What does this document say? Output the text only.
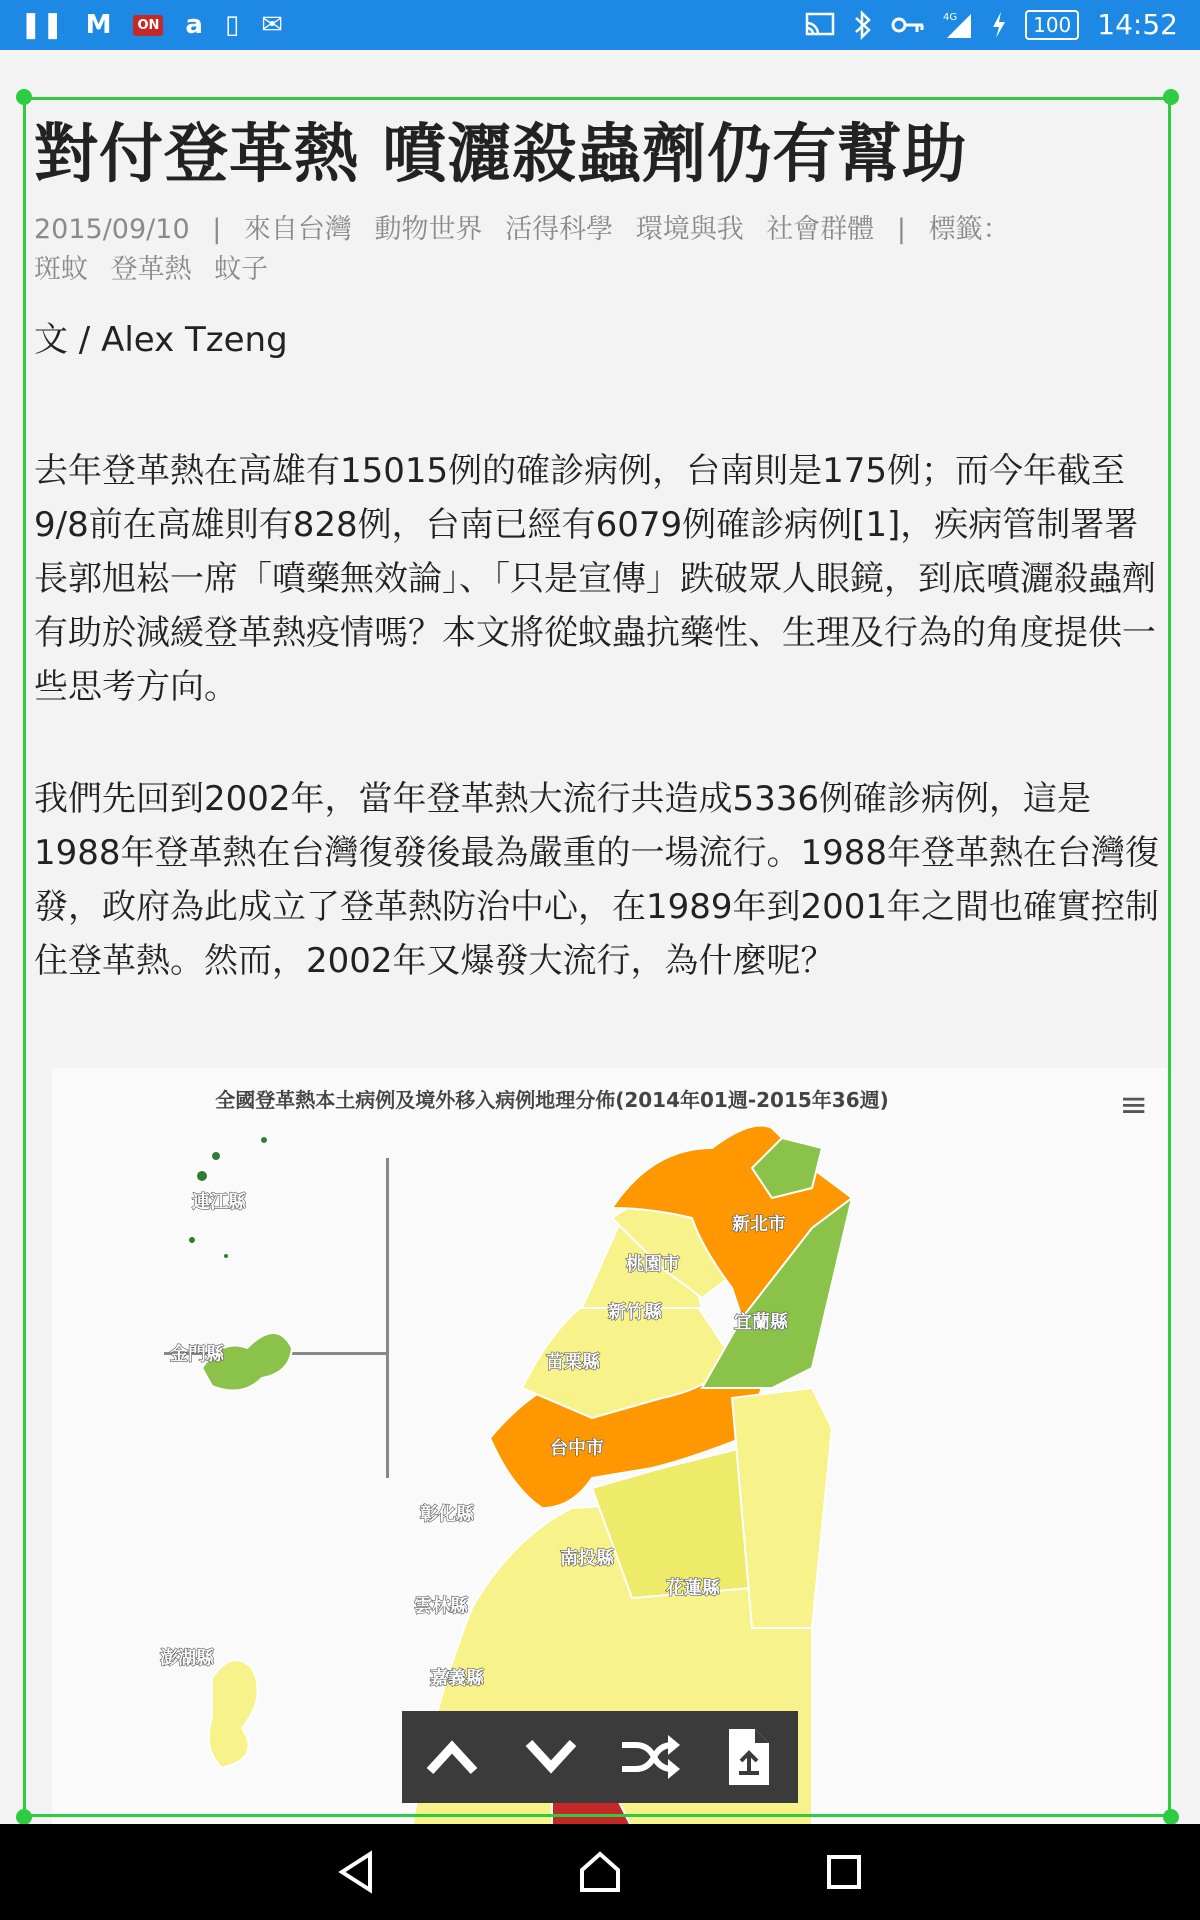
❚❚ M	ON a ▯ ✉	4G	100 14:52
對付登革熱 噴灑殺蟲劑仍有幫助
2015/09/10 | 來自台灣 動物世界 活得科學 環境與我 社會群體 | 標籤：
斑蚊 登革熱 蚊子
文 / Alex Tzeng

去年登革熱在高雄有15015例的確診病例，台南則是175例；而今年截至9/8前在高雄則有828例，台南已經有6079例確診病例[1]，疾病管制署署長郭旭崧一席「噴藥無效論」、「只是宣傳」跌破眾人眼鏡，到底噴灑殺蟲劑有助於減緩登革熱疫情嗎？本文將從蚊蟲抗藥性、生理及行為的角度提供一些思考方向。

我們先回到2002年，當年登革熱大流行共造成5336例確診病例，這是1988年登革熱在台灣復發後最為嚴重的一場流行。1988年登革熱在台灣復發，政府為此成立了登革熱防治中心，在1989年到2001年之間也確實控制住登革熱。然而，2002年又爆發大流行，為什麼呢？

全國登革熱本土病例及境外移入病例地理分佈(2014年01週-2015年36週)	≡
連江縣
金門縣
澎湖縣
新北市
桃園市
新竹縣	宜蘭縣
苗栗縣
台中市
彰化縣
南投縣
雲林縣
花蓮縣
嘉義縣
